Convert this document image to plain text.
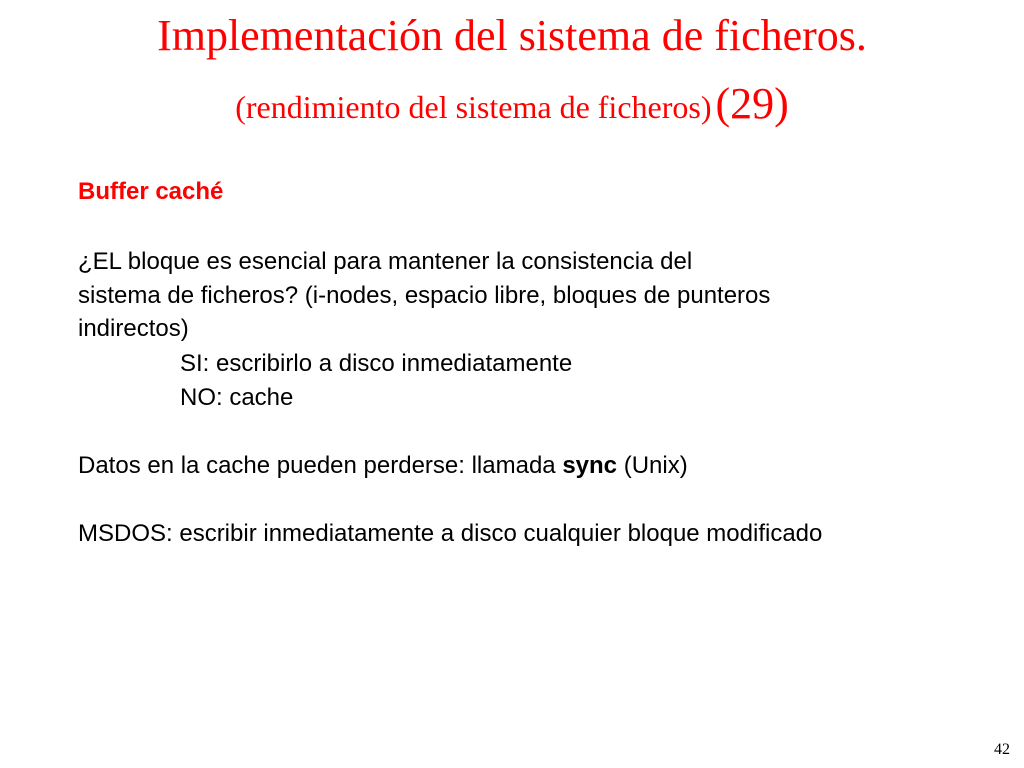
Implementación del sistema de ficheros.
(rendimiento del sistema de ficheros) (29)
Buffer caché
¿EL bloque es esencial para mantener la consistencia del
sistema de ficheros? (i-nodes, espacio libre, bloques de punteros
indirectos)
SI: escribirlo a disco inmediatamente
NO: cache
Datos en la cache pueden perderse: llamada sync (Unix)
MSDOS: escribir inmediatamente a disco cualquier bloque modificado
42
